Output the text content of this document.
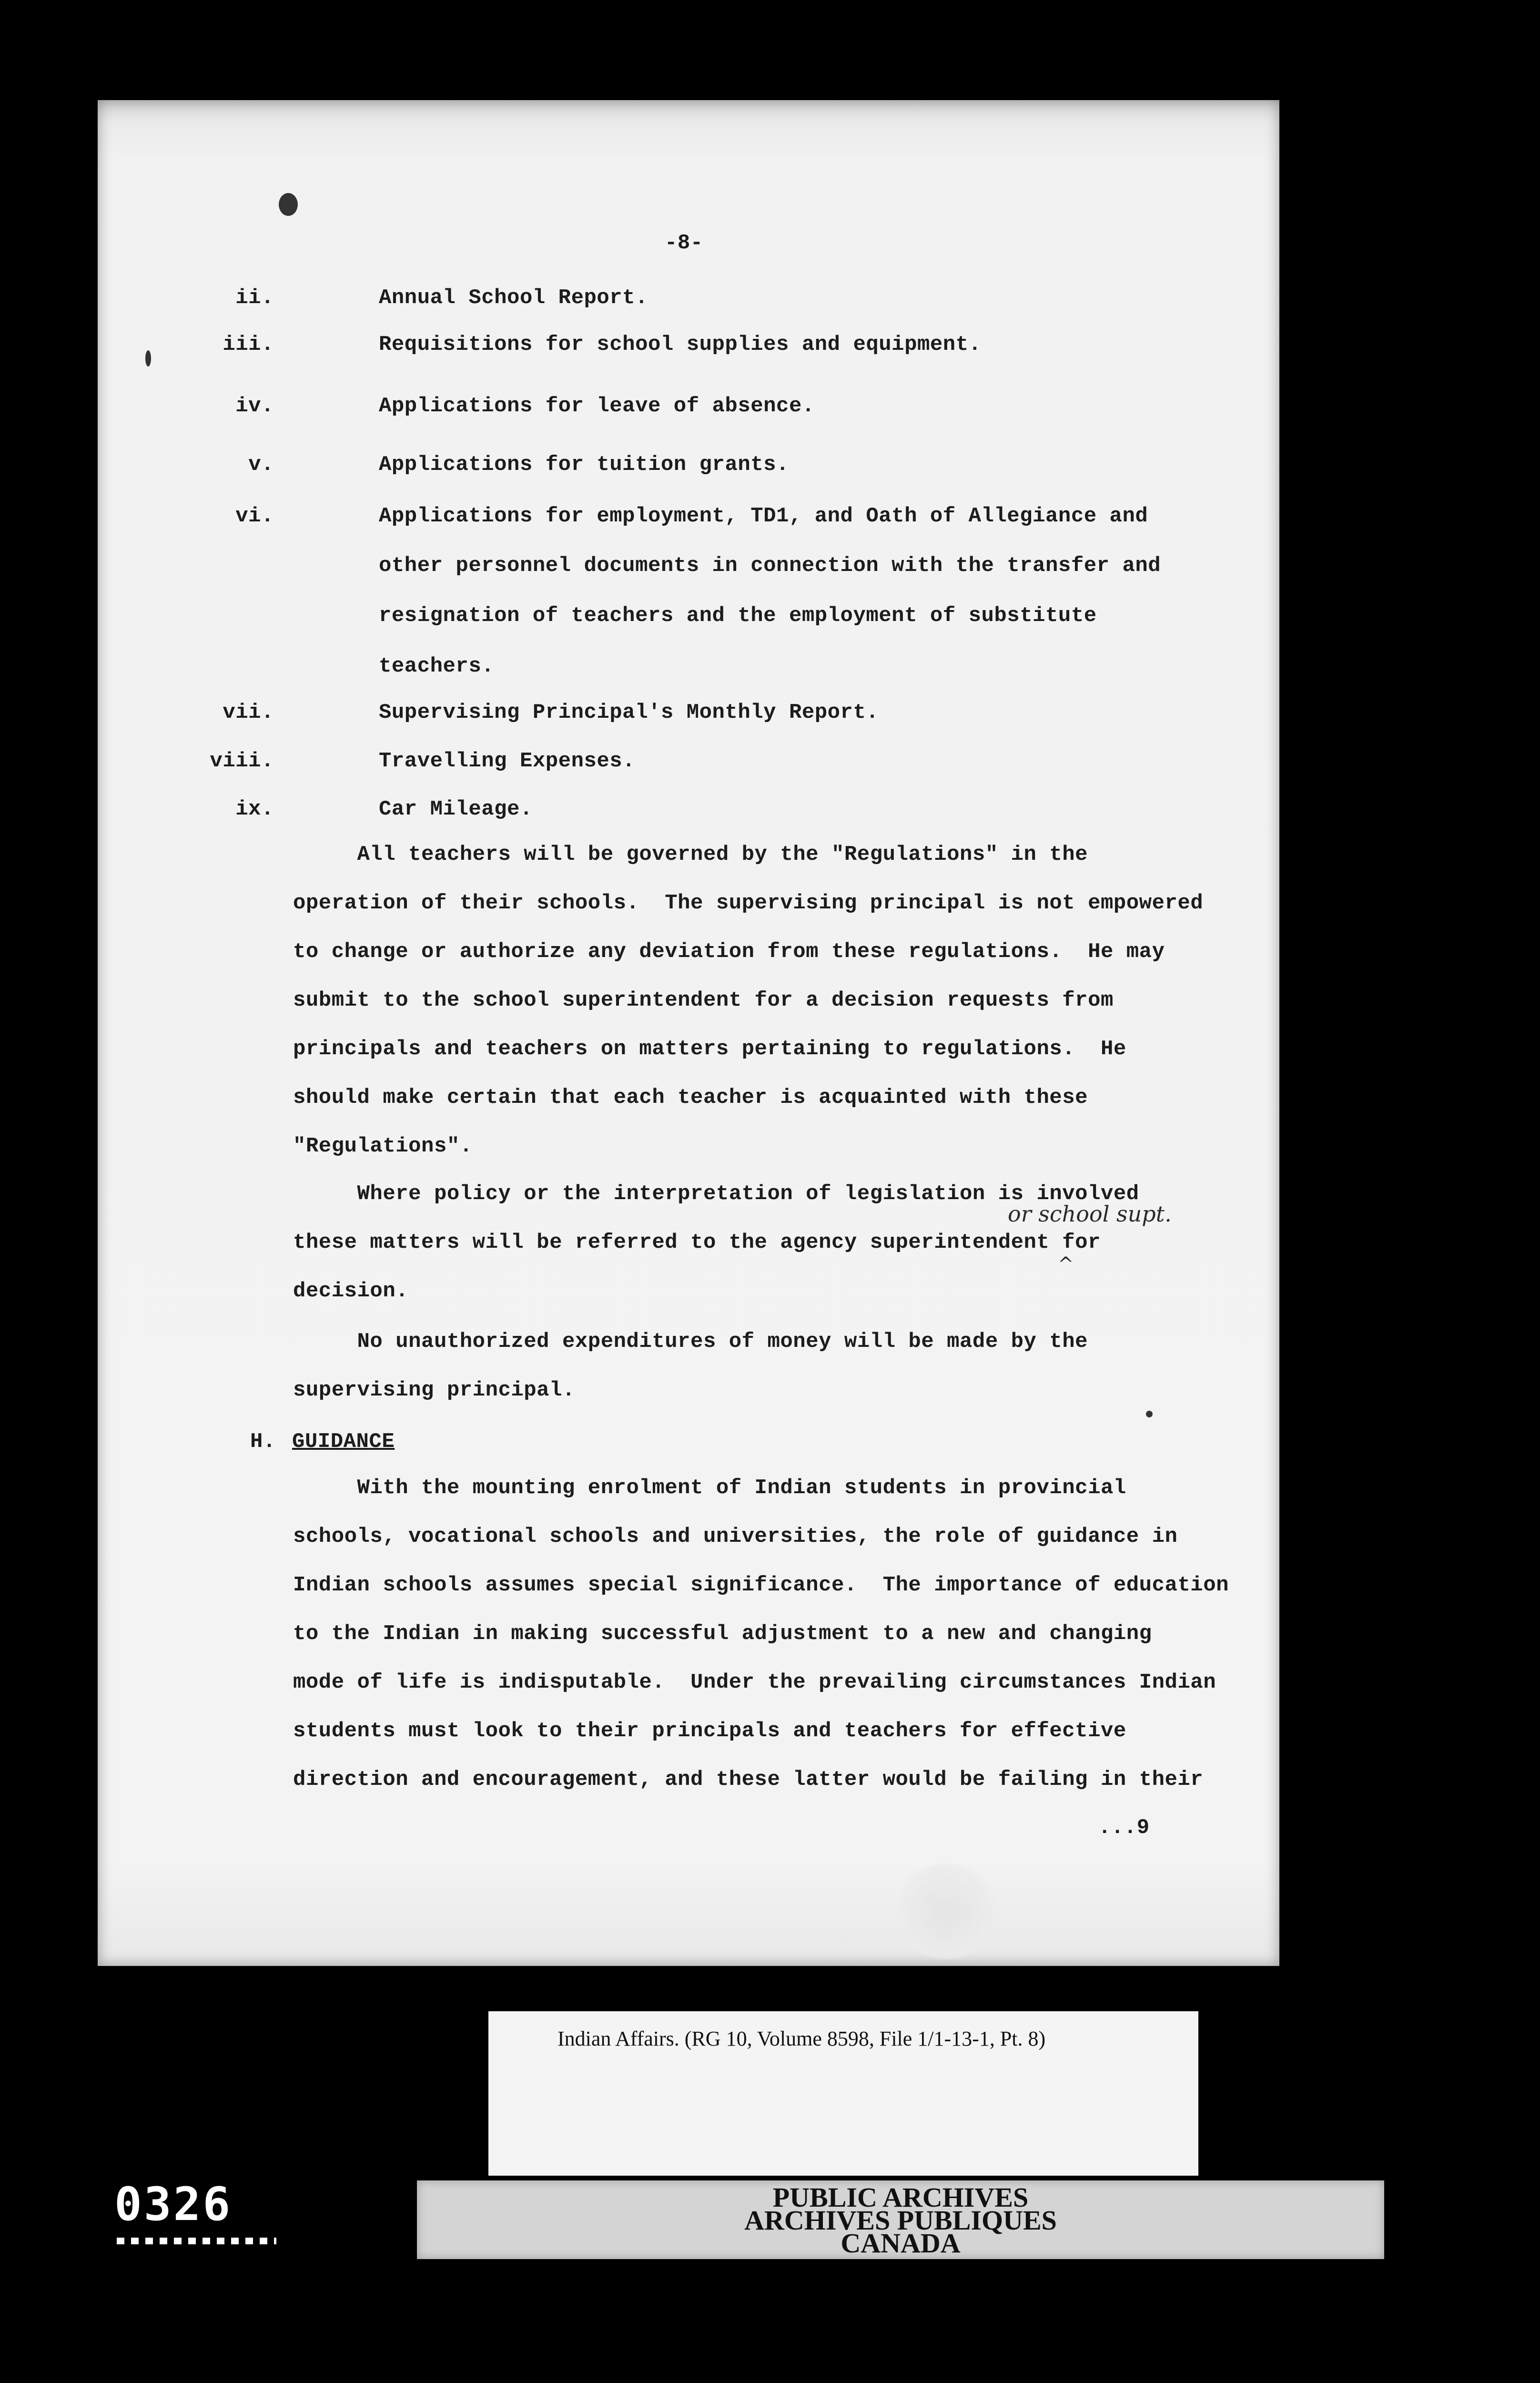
-8-
ii.	Annual School Report.
iii.	Requisitions for school supplies and equipment.
iv.	Applications for leave of absence.
v.	Applications for tuition grants.
vi.	Applications for employment, TD1, and Oath of Allegiance and
other personnel documents in connection with the transfer and
resignation of teachers and the employment of substitute
teachers.
vii.	Supervising Principal's Monthly Report.
viii.	Travelling Expenses.
ix.	Car Mileage.
All teachers will be governed by the "Regulations" in the
operation of their schools.  The supervising principal is not empowered
to change or authorize any deviation from these regulations.  He may
submit to the school superintendent for a decision requests from
principals and teachers on matters pertaining to regulations.  He
should make certain that each teacher is acquainted with these
"Regulations".
Where policy or the interpretation of legislation is involved
these matters will be referred to the agency superintendent for
decision.
or school supt.
^
No unauthorized expenditures of money will be made by the
supervising principal.
H. GUIDANCE
With the mounting enrolment of Indian students in provincial
schools, vocational schools and universities, the role of guidance in
Indian schools assumes special significance.  The importance of education
to the Indian in making successful adjustment to a new and changing
mode of life is indisputable.  Under the prevailing circumstances Indian
students must look to their principals and teachers for effective
direction and encouragement, and these latter would be failing in their
...9
Indian Affairs. (RG 10, Volume 8598, File 1/1-13-1, Pt. 8)
PUBLIC ARCHIVES
ARCHIVES PUBLIQUES
CANADA
0326
